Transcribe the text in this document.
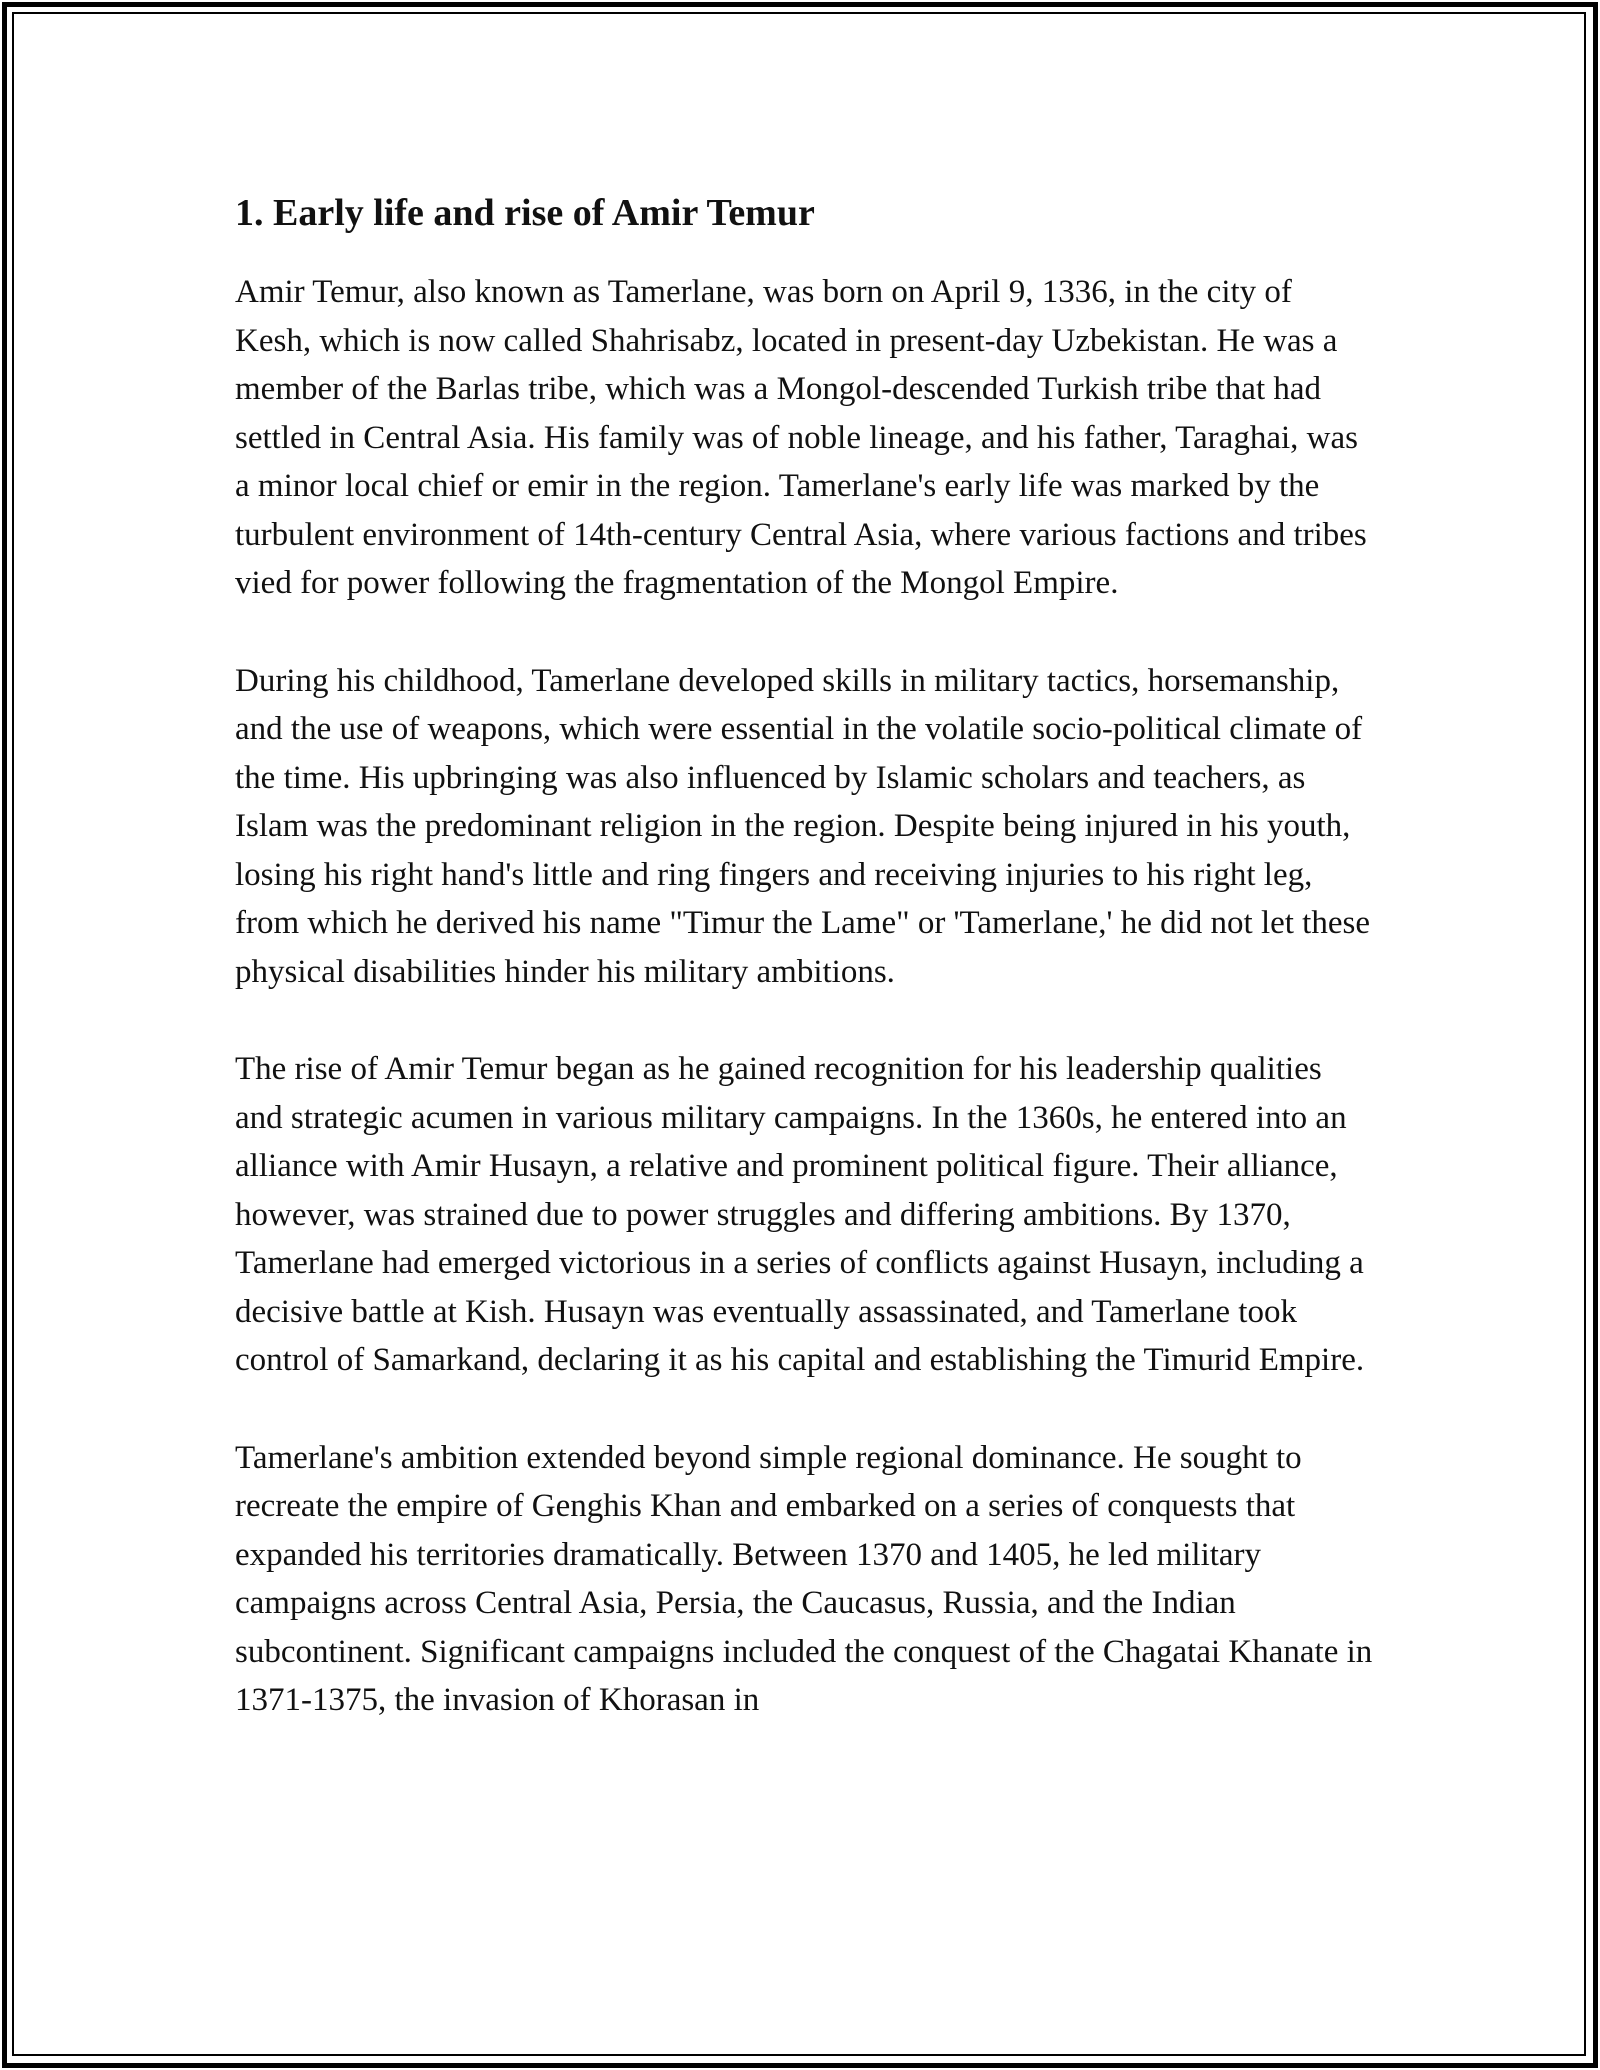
1. Early life and rise of Amir Temur

Amir Temur, also known as Tamerlane, was born on April 9, 1336, in the city of Kesh, which is now called Shahrisabz, located in present-day Uzbekistan. He was a member of the Barlas tribe, which was a Mongol-descended Turkish tribe that had settled in Central Asia. His family was of noble lineage, and his father, Taraghai, was a minor local chief or emir in the region. Tamerlane's early life was marked by the turbulent environment of 14th-century Central Asia, where various factions and tribes vied for power following the fragmentation of the Mongol Empire.

During his childhood, Tamerlane developed skills in military tactics, horsemanship, and the use of weapons, which were essential in the volatile socio-political climate of the time. His upbringing was also influenced by Islamic scholars and teachers, as Islam was the predominant religion in the region. Despite being injured in his youth, losing his right hand's little and ring fingers and receiving injuries to his right leg, from which he derived his name "Timur the Lame" or 'Tamerlane,' he did not let these physical disabilities hinder his military ambitions.

The rise of Amir Temur began as he gained recognition for his leadership qualities and strategic acumen in various military campaigns. In the 1360s, he entered into an alliance with Amir Husayn, a relative and prominent political figure. Their alliance, however, was strained due to power struggles and differing ambitions. By 1370, Tamerlane had emerged victorious in a series of conflicts against Husayn, including a decisive battle at Kish. Husayn was eventually assassinated, and Tamerlane took control of Samarkand, declaring it as his capital and establishing the Timurid Empire.

Tamerlane's ambition extended beyond simple regional dominance. He sought to recreate the empire of Genghis Khan and embarked on a series of conquests that expanded his territories dramatically. Between 1370 and 1405, he led military campaigns across Central Asia, Persia, the Caucasus, Russia, and the Indian subcontinent. Significant campaigns included the conquest of the Chagatai Khanate in 1371-1375, the invasion of Khorasan in
